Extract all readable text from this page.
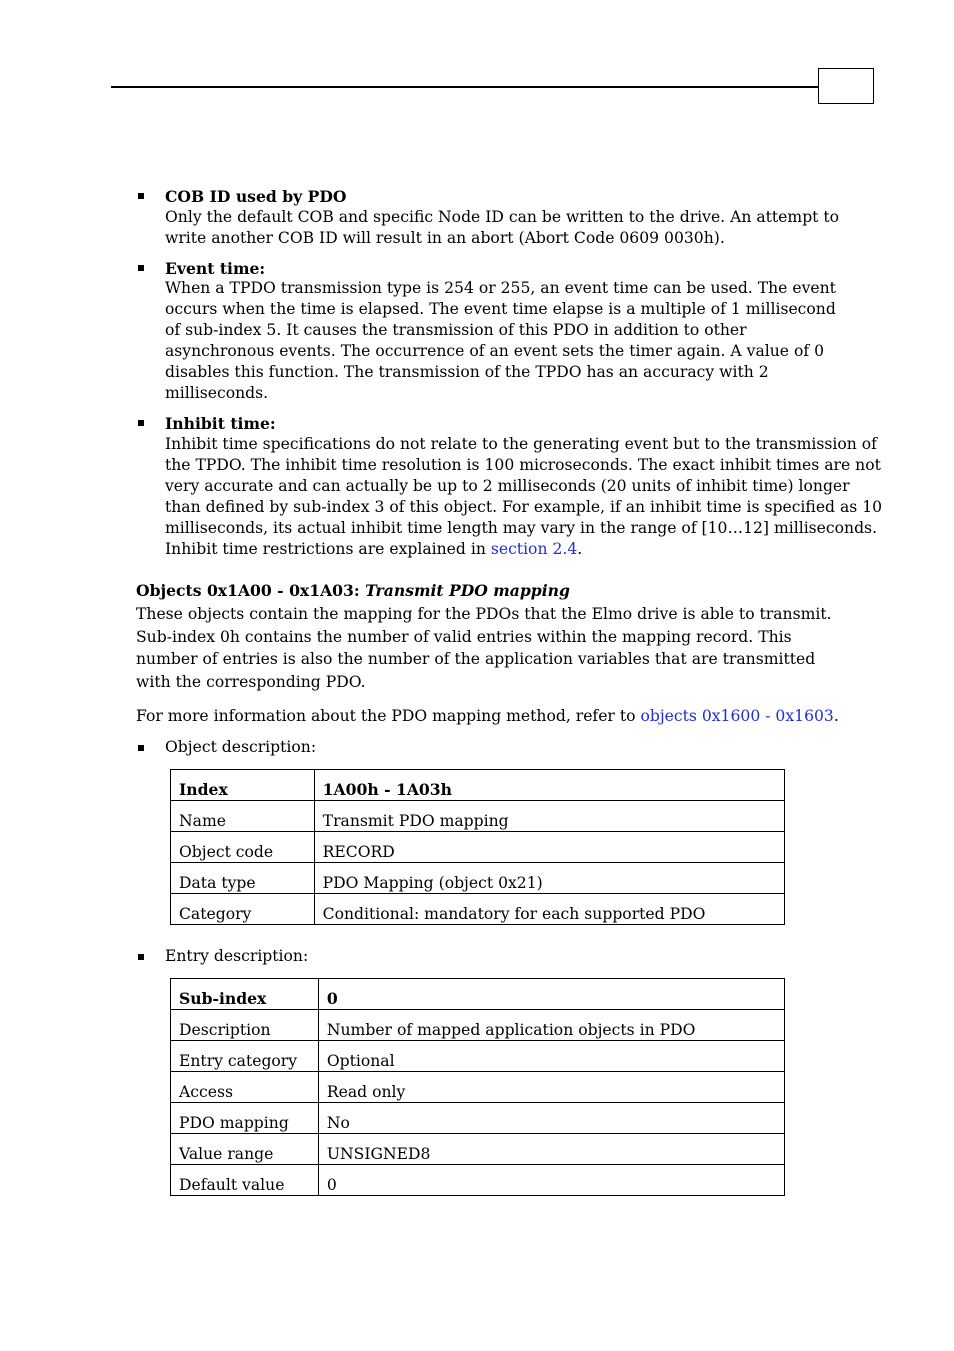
COB ID used by PDO
Only the default COB and specific Node ID can be written to the drive. An attempt to
write another COB ID will result in an abort (Abort Code 0609 0030h).
Event time:
When a TPDO transmission type is 254 or 255, an event time can be used. The event
occurs when the time is elapsed. The event time elapse is a multiple of 1 millisecond
of sub-index 5. It causes the transmission of this PDO in addition to other
asynchronous events. The occurrence of an event sets the timer again. A value of 0
disables this function. The transmission of the TPDO has an accuracy with 2
milliseconds.
Inhibit time:
Inhibit time specifications do not relate to the generating event but to the transmission of
the TPDO. The inhibit time resolution is 100 microseconds. The exact inhibit times are not
very accurate and can actually be up to 2 milliseconds (20 units of inhibit time) longer
than defined by sub-index 3 of this object. For example, if an inhibit time is specified as 10
milliseconds, its actual inhibit time length may vary in the range of [10…12] milliseconds.
Inhibit time restrictions are explained in section 2.4.
Objects 0x1A00 - 0x1A03: Transmit PDO mapping
These objects contain the mapping for the PDOs that the Elmo drive is able to transmit.
Sub-index 0h contains the number of valid entries within the mapping record. This
number of entries is also the number of the application variables that are transmitted
with the corresponding PDO.
For more information about the PDO mapping method, refer to objects 0x1600 - 0x1603.
Object description:
Index	1A00h - 1A03h
Name	Transmit PDO mapping
Object code	RECORD
Data type	PDO Mapping (object 0x21)
Category	Conditional: mandatory for each supported PDO
Entry description:
Sub-index	0
Description	Number of mapped application objects in PDO
Entry category	Optional
Access	Read only
PDO mapping	No
Value range	UNSIGNED8
Default value	0
